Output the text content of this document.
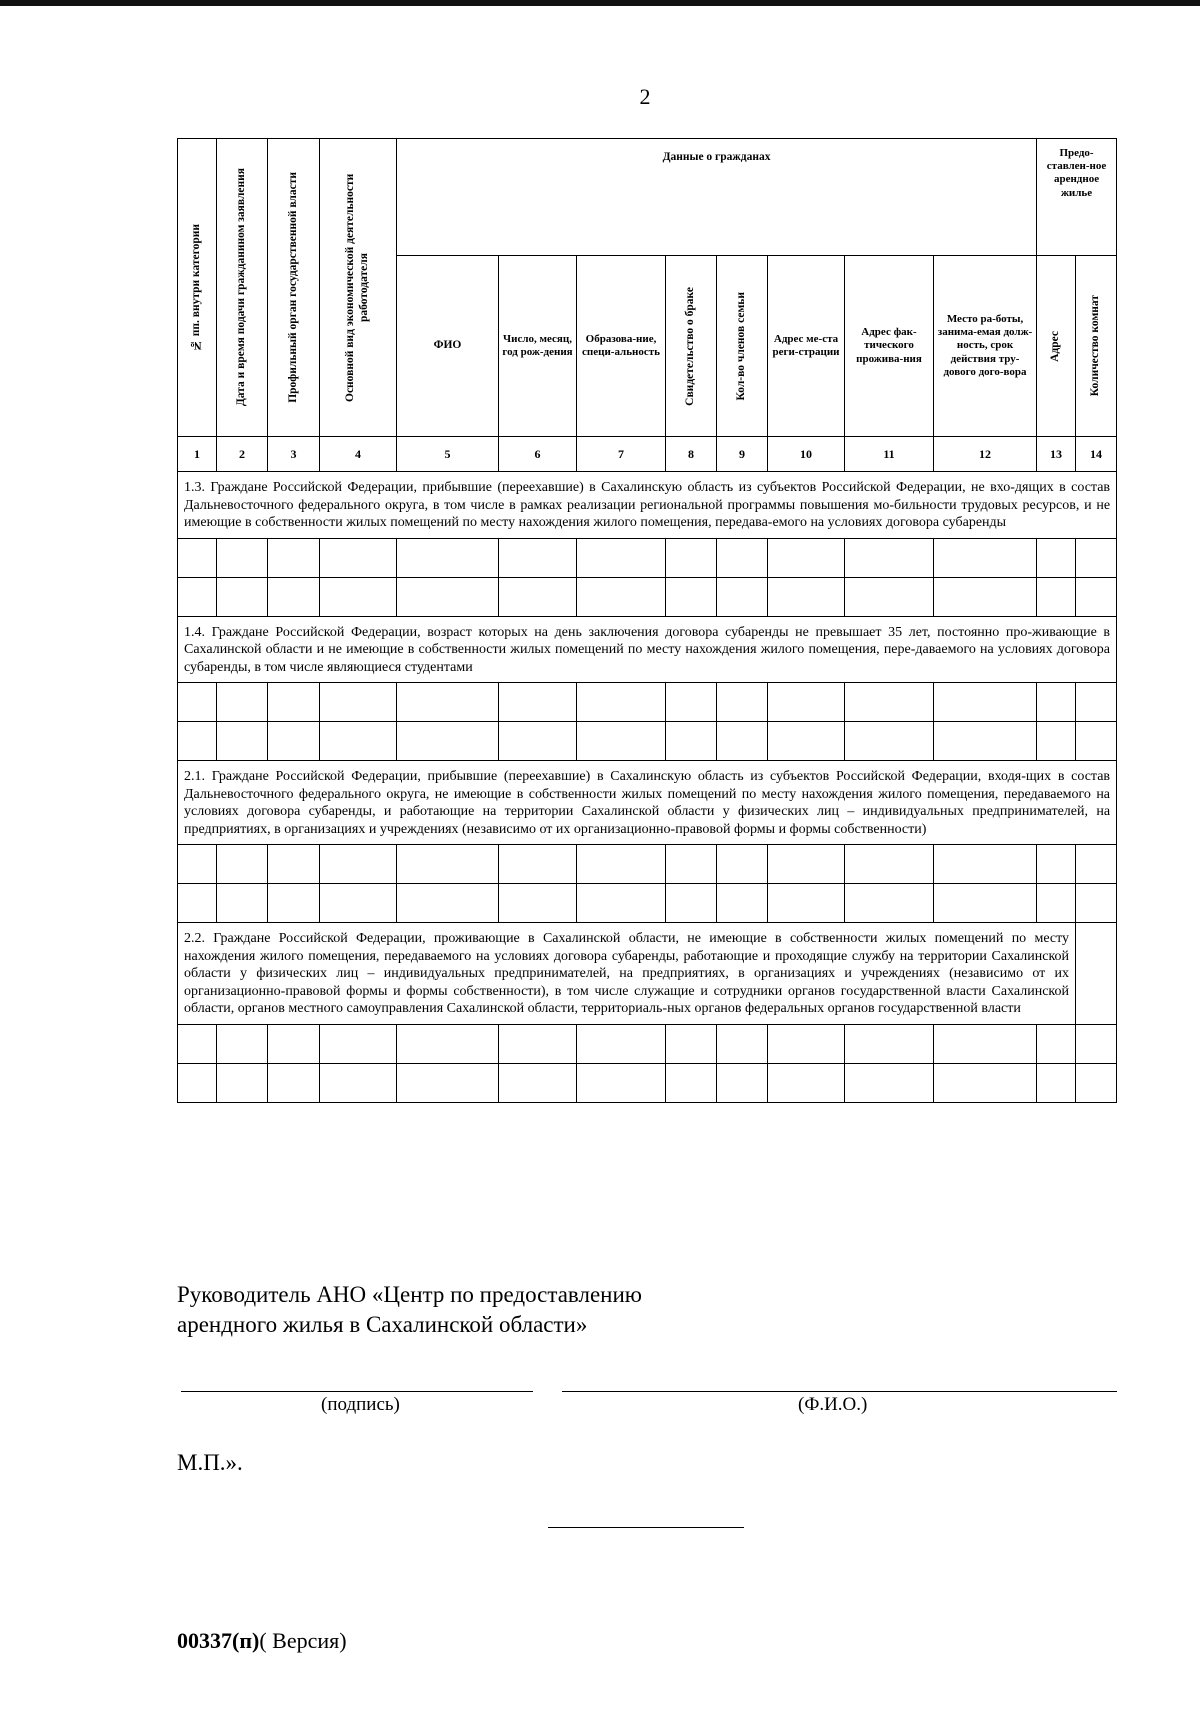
2
№ пп. внутри категории	Дата и время подачи гражданином заявления	Профильный орган государственной власти	Основной вид экономической деятельности работодателя	Данные о гражданах								Предо-ставлен-ное арендное жилье	
				ФИО	Число, месяц, год рож-дения	Образова-ние, специ-альность	Свидетельство о браке	Кол-во членов семьи	Адрес ме-ста реги-страции	Адрес фак-тического прожива-ния	Место ра-боты, занима-емая долж-ность, срок действия тру-дового дого-вора	Адрес	Количество комнат

1	2	3	4	5	6	7	8	9	10	11	12	13	14
1.3. Граждане Российской Федерации, прибывшие (переехавшие) в Сахалинскую область из субъектов Российской Федерации, не вхо-дящих в состав Дальневосточного федерального округа, в том числе в рамках реализации региональной программы повышения мо-бильности трудовых ресурсов, и не имеющие в собственности жилых помещений по месту нахождения жилого помещения, передава-емого на условиях договора субаренды													

1.4. Граждане Российской Федерации, возраст которых на день заключения договора субаренды не превышает 35 лет, постоянно про-живающие в Сахалинской области и не имеющие в собственности жилых помещений по месту нахождения жилого помещения, пере-даваемого на условиях договора субаренды, в том числе являющиеся студентами													

2.1. Граждане Российской Федерации, прибывшие (переехавшие) в Сахалинскую область из субъектов Российской Федерации, входя-щих в состав Дальневосточного федерального округа, не имеющие в собственности жилых помещений по месту нахождения жилого помещения, передаваемого на условиях договора субаренды, и работающие на территории Сахалинской области у физических лиц – индивидуальных предпринимателей, на предприятиях, в организациях и учреждениях (независимо от их организационно-правовой формы и формы собственности)													

2.2. Граждане Российской Федерации, проживающие в Сахалинской области, не имеющие в собственности жилых помещений по месту нахождения жилого помещения, передаваемого на условиях договора субаренды, работающие и проходящие службу на территории Сахалинской области у физических лиц – индивидуальных предпринимателей, на предприятиях, в организациях и учреждениях (независимо от их организационно-правовой формы и формы собственности), в том числе служащие и сотрудники органов государственной власти Сахалинской области, органов местного самоуправления Сахалинской области, территориаль-ных органов федеральных органов государственной власти													

Руководитель АНО «Центр по предоставлению
арендного жилья в Сахалинской области»
(подпись)	(Ф.И.О.)
М.П.».
00337(п)( Версия)
